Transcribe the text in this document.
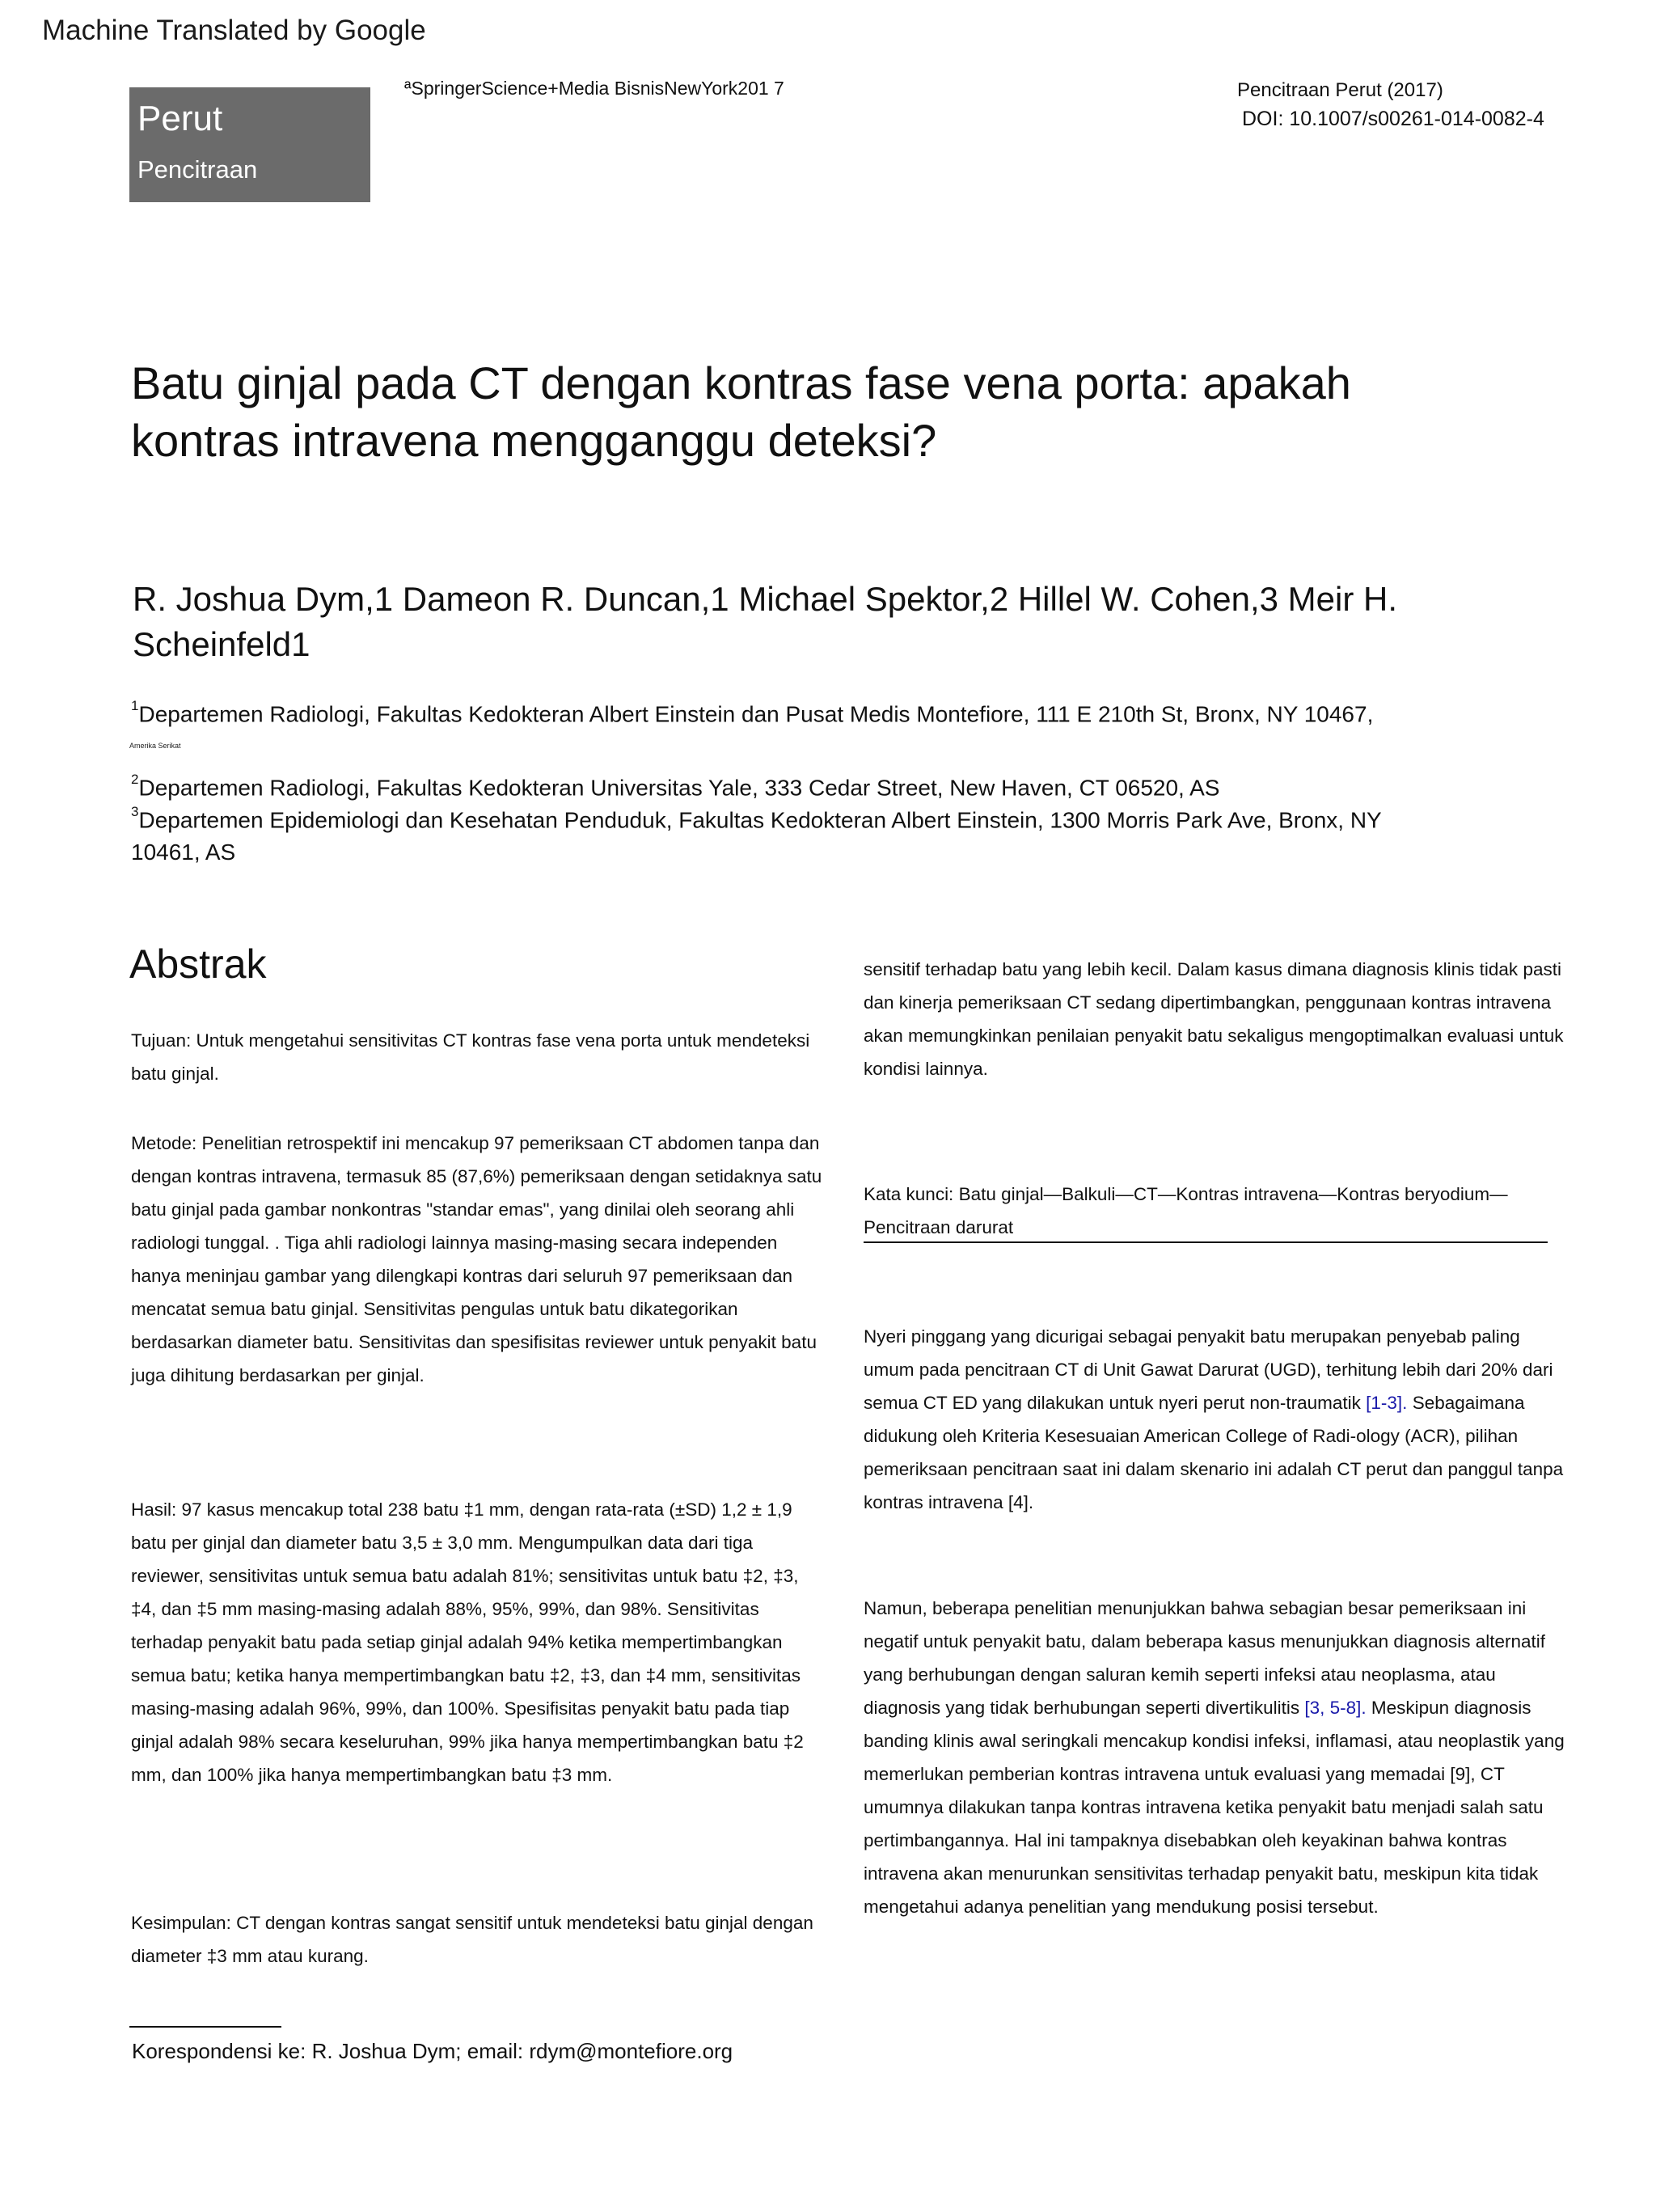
Machine Translated by Google
Perut
Pencitraan
ªSpringerScience+Media BisnisNewYork201 7	Pencitraan Perut (2017)
DOI: 10.1007/s00261-014-0082-4
Batu ginjal pada CT dengan kontras fase vena porta: apakah kontras intravena mengganggu deteksi?
R. Joshua Dym,1 Dameon R. Duncan,1 Michael Spektor,2 Hillel W. Cohen,3 Meir H. Scheinfeld1
$^1$Departemen Radiologi, Fakultas Kedokteran Albert Einstein dan Pusat Medis Montefiore, 111 E 210th St, Bronx, NY 10467,
Amerika Serikat
$^2$Departemen Radiologi, Fakultas Kedokteran Universitas Yale, 333 Cedar Street, New Haven, CT 06520, AS
$^3$Departemen Epidemiologi dan Kesehatan Penduduk, Fakultas Kedokteran Albert Einstein, 1300 Morris Park Ave, Bronx, NY 10461, AS
Abstrak
Tujuan: Untuk mengetahui sensitivitas CT kontras fase vena porta untuk mendeteksi batu ginjal.
Metode: Penelitian retrospektif ini mencakup 97 pemeriksaan CT abdomen tanpa dan dengan kontras intravena, termasuk 85 (87,6%) pemeriksaan dengan setidaknya satu batu ginjal pada gambar nonkontras "standar emas", yang dinilai oleh seorang ahli radiologi tunggal. . Tiga ahli radiologi lainnya masing-masing secara independen hanya meninjau gambar yang dilengkapi kontras dari seluruh 97 pemeriksaan dan mencatat semua batu ginjal. Sensitivitas pengulas untuk batu dikategorikan berdasarkan diameter batu. Sensitivitas dan spesifisitas reviewer untuk penyakit batu juga dihitung berdasarkan per ginjal.
Hasil: 97 kasus mencakup total 238 batu ‡1 mm, dengan rata-rata (±SD) 1,2 ± 1,9 batu per ginjal dan diameter batu 3,5 ± 3,0 mm. Mengumpulkan data dari tiga reviewer, sensitivitas untuk semua batu adalah 81%; sensitivitas untuk batu ‡2, ‡3, ‡4, dan ‡5 mm masing-masing adalah 88%, 95%, 99%, dan 98%. Sensitivitas terhadap penyakit batu pada setiap ginjal adalah 94% ketika mempertimbangkan semua batu; ketika hanya mempertimbangkan batu ‡2, ‡3, dan ‡4 mm, sensitivitas masing-masing adalah 96%, 99%, dan 100%. Spesifisitas penyakit batu pada tiap ginjal adalah 98% secara keseluruhan, 99% jika hanya mempertimbangkan batu ‡2 mm, dan 100% jika hanya mempertimbangkan batu ‡3 mm.
Kesimpulan: CT dengan kontras sangat sensitif untuk mendeteksi batu ginjal dengan diameter ‡3 mm atau kurang.
sensitif terhadap batu yang lebih kecil. Dalam kasus dimana diagnosis klinis tidak pasti dan kinerja pemeriksaan CT sedang dipertimbangkan, penggunaan kontras intravena akan memungkinkan penilaian penyakit batu sekaligus mengoptimalkan evaluasi untuk kondisi lainnya.
Kata kunci: Batu ginjal—Balkuli—CT—Kontras intravena—Kontras beryodium—Pencitraan darurat
Nyeri pinggang yang dicurigai sebagai penyakit batu merupakan penyebab paling umum pada pencitraan CT di Unit Gawat Darurat (UGD), terhitung lebih dari 20% dari semua CT ED yang dilakukan untuk nyeri perut non-traumatik [1-3]. Sebagaimana didukung oleh Kriteria Kesesuaian American College of Radi-ology (ACR), pilihan pemeriksaan pencitraan saat ini dalam skenario ini adalah CT perut dan panggul tanpa kontras intravena [4].
Namun, beberapa penelitian menunjukkan bahwa sebagian besar pemeriksaan ini negatif untuk penyakit batu, dalam beberapa kasus menunjukkan diagnosis alternatif yang berhubungan dengan saluran kemih seperti infeksi atau neoplasma, atau diagnosis yang tidak berhubungan seperti divertikulitis [3, 5-8]. Meskipun diagnosis banding klinis awal seringkali mencakup kondisi infeksi, inflamasi, atau neoplastik yang memerlukan pemberian kontras intravena untuk evaluasi yang memadai [9], CT umumnya dilakukan tanpa kontras intravena ketika penyakit batu menjadi salah satu pertimbangannya. Hal ini tampaknya disebabkan oleh keyakinan bahwa kontras intravena akan menurunkan sensitivitas terhadap penyakit batu, meskipun kita tidak mengetahui adanya penelitian yang mendukung posisi tersebut.
Korespondensi ke: R. Joshua Dym; email: rdym@montefiore.org
